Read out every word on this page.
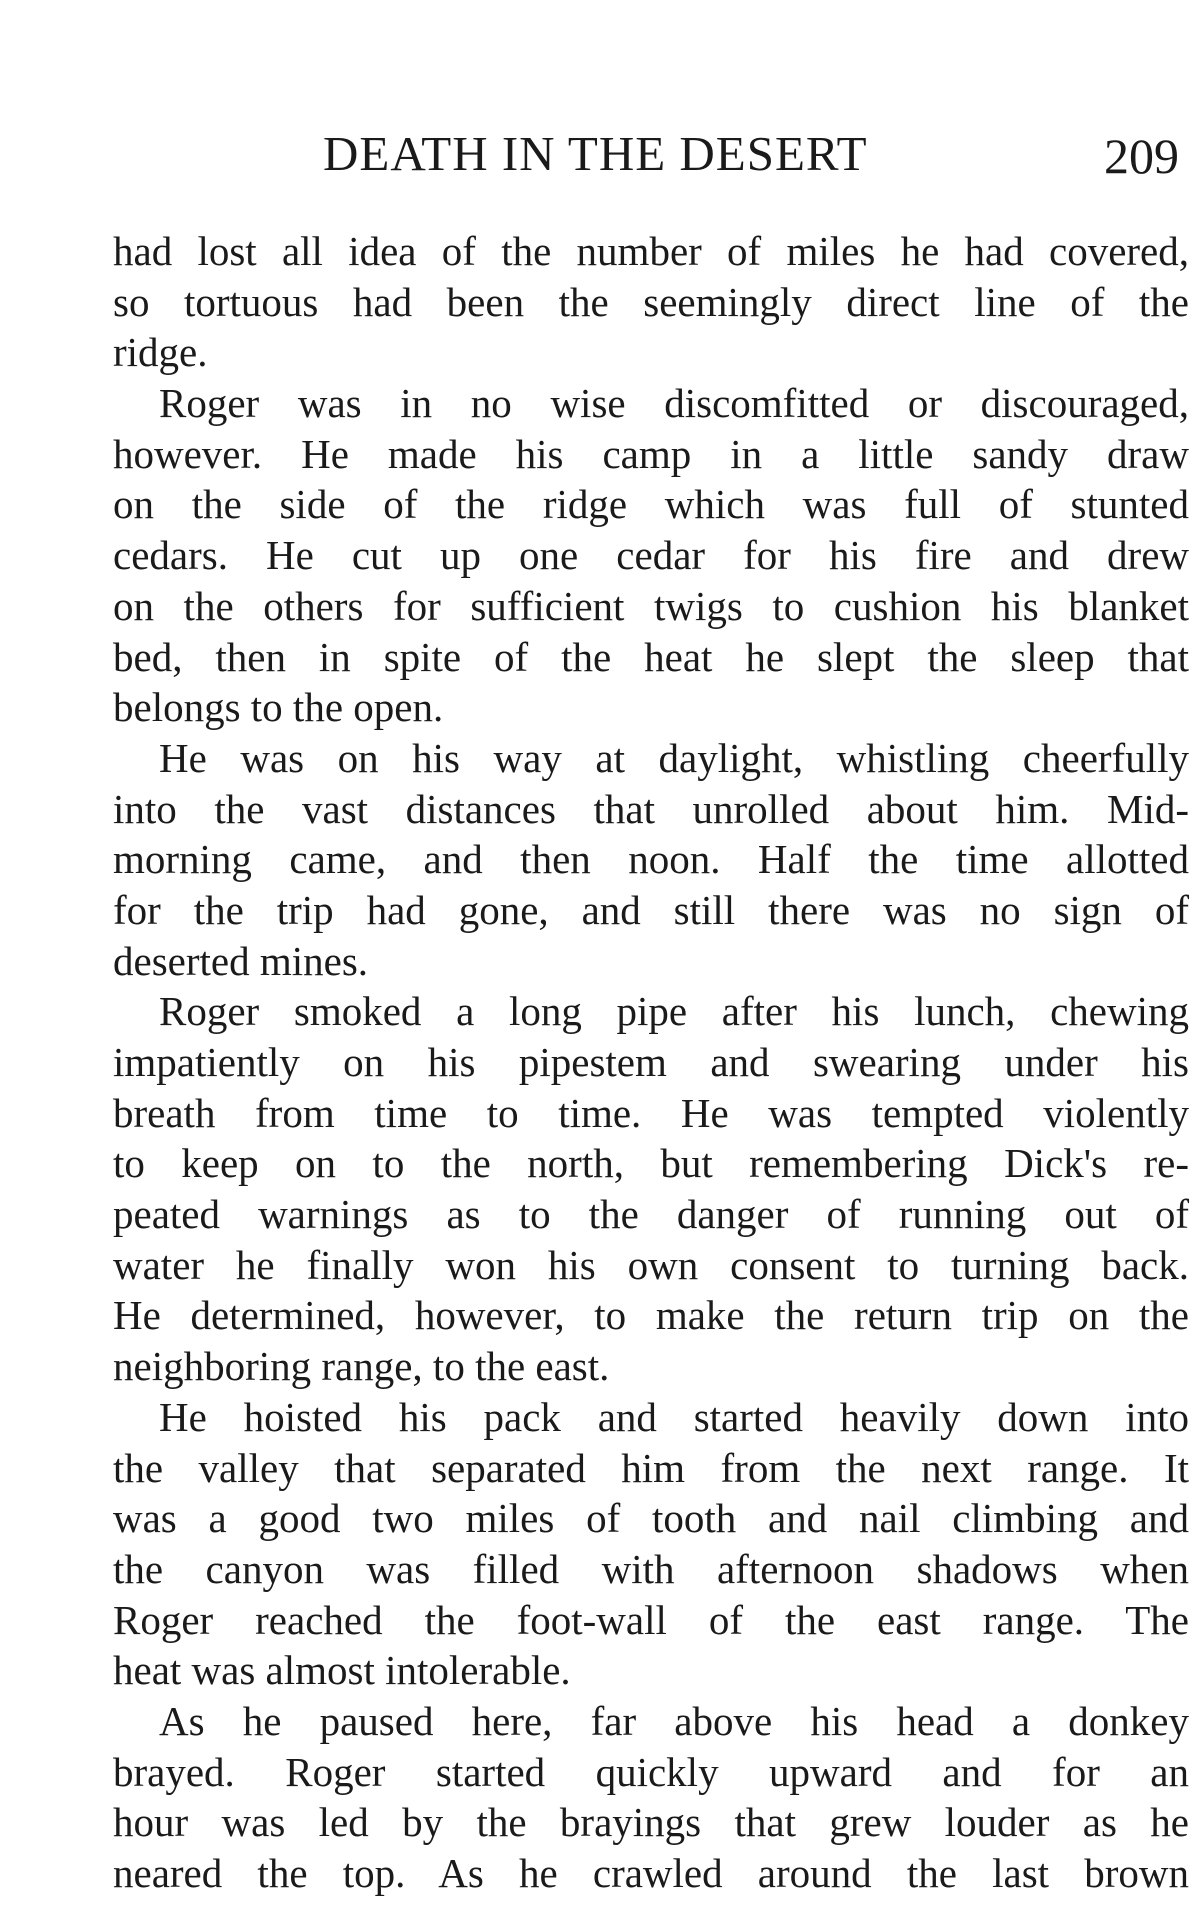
DEATH IN THE DESERT	209
had lost all idea of the number of miles he had covered,
so tortuous had been the seemingly direct line of the
ridge.
Roger was in no wise discomfitted or discouraged,
however. He made his camp in a little sandy draw
on the side of the ridge which was full of stunted
cedars. He cut up one cedar for his fire and drew
on the others for sufficient twigs to cushion his blanket
bed, then in spite of the heat he slept the sleep that
belongs to the open.
He was on his way at daylight, whistling cheerfully
into the vast distances that unrolled about him. Mid-
morning came, and then noon. Half the time allotted
for the trip had gone, and still there was no sign of
deserted mines.
Roger smoked a long pipe after his lunch, chewing
impatiently on his pipestem and swearing under his
breath from time to time. He was tempted violently
to keep on to the north, but remembering Dick's re-
peated warnings as to the danger of running out of
water he finally won his own consent to turning back.
He determined, however, to make the return trip on the
neighboring range, to the east.
He hoisted his pack and started heavily down into
the valley that separated him from the next range. It
was a good two miles of tooth and nail climbing and
the canyon was filled with afternoon shadows when
Roger reached the foot-wall of the east range. The
heat was almost intolerable.
As he paused here, far above his head a donkey
brayed. Roger started quickly upward and for an
hour was led by the brayings that grew louder as he
neared the top. As he crawled around the last brown
